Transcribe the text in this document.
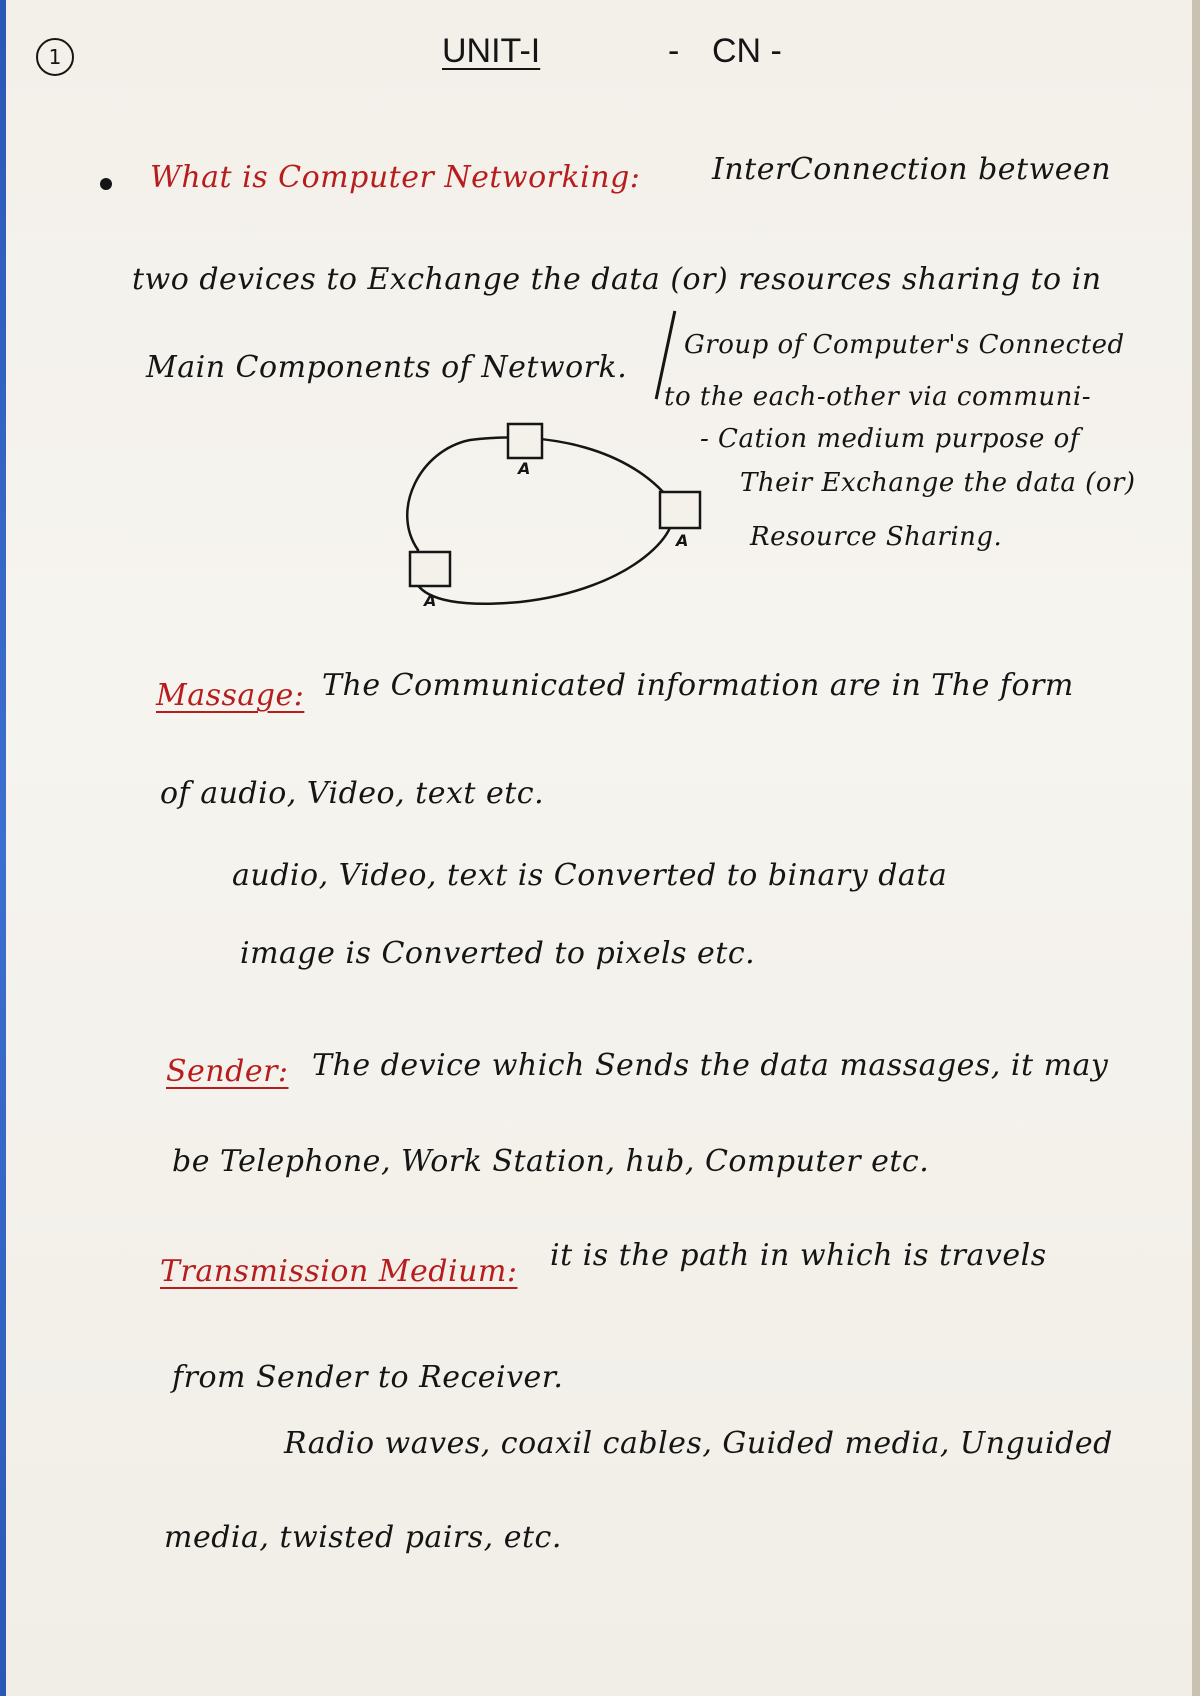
1	UNIT-I	- CN -
What is Computer Networking: InterConnection between
two devices to Exchange the data (or) resources sharing to in
Main Components of Network.
Group of Computer's Connected
to the each-other via communi-
- Cation medium purpose of
Their Exchange the data (or)
Resource Sharing.
A
A
A
Massage: The Communicated information are in The form
of audio, Video, text etc.
audio, Video, text is Converted to binary data
image is Converted to pixels etc.
Sender: The device which Sends the data massages, it may
be Telephone, Work Station, hub, Computer etc.
Transmission Medium: it is the path in which is travels
from Sender to Receiver.
Radio waves, coaxil cables, Guided media, Unguided
media, twisted pairs, etc.
